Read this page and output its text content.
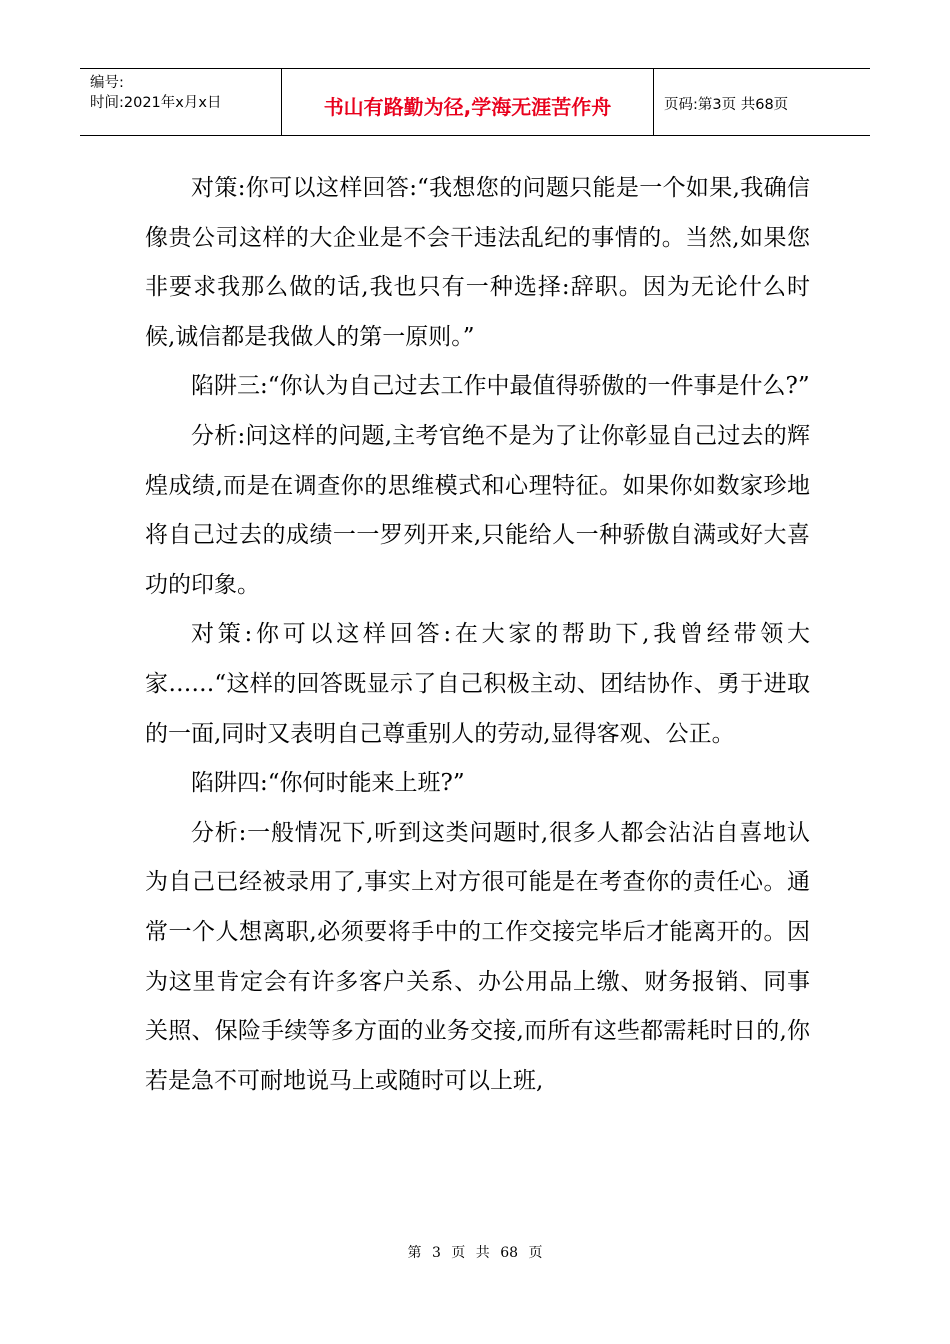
编号:
时间:2021年x月x日	书山有路勤为径,学海无涯苦作舟	页码:第3页 共68页

对策:你可以这样回答:“我想您的问题只能是一个如果,我确信像贵公司这样的大企业是不会干违法乱纪的事情的。当然,如果您非要求我那么做的话,我也只有一种选择:辞职。因为无论什么时候,诚信都是我做人的第一原则。”

陷阱三:“你认为自己过去工作中最值得骄傲的一件事是什么?”

分析:问这样的问题,主考官绝不是为了让你彰显自己过去的辉煌成绩,而是在调查你的思维模式和心理特征。如果你如数家珍地将自己过去的成绩一一罗列开来,只能给人一种骄傲自满或好大喜功的印象。

对策:你可以这样回答:在大家的帮助下,我曾经带领大家……“这样的回答既显示了自己积极主动、团结协作、勇于进取的一面,同时又表明自己尊重别人的劳动,显得客观、公正。

陷阱四:“你何时能来上班?”

分析:一般情况下,听到这类问题时,很多人都会沾沾自喜地认为自己已经被录用了,事实上对方很可能是在考查你的责任心。通常一个人想离职,必须要将手中的工作交接完毕后才能离开的。因为这里肯定会有许多客户关系、办公用品上缴、财务报销、同事关照、保险手续等多方面的业务交接,而所有这些都需耗时日的,你若是急不可耐地说马上或随时可以上班,

第 3 页 共 68 页
